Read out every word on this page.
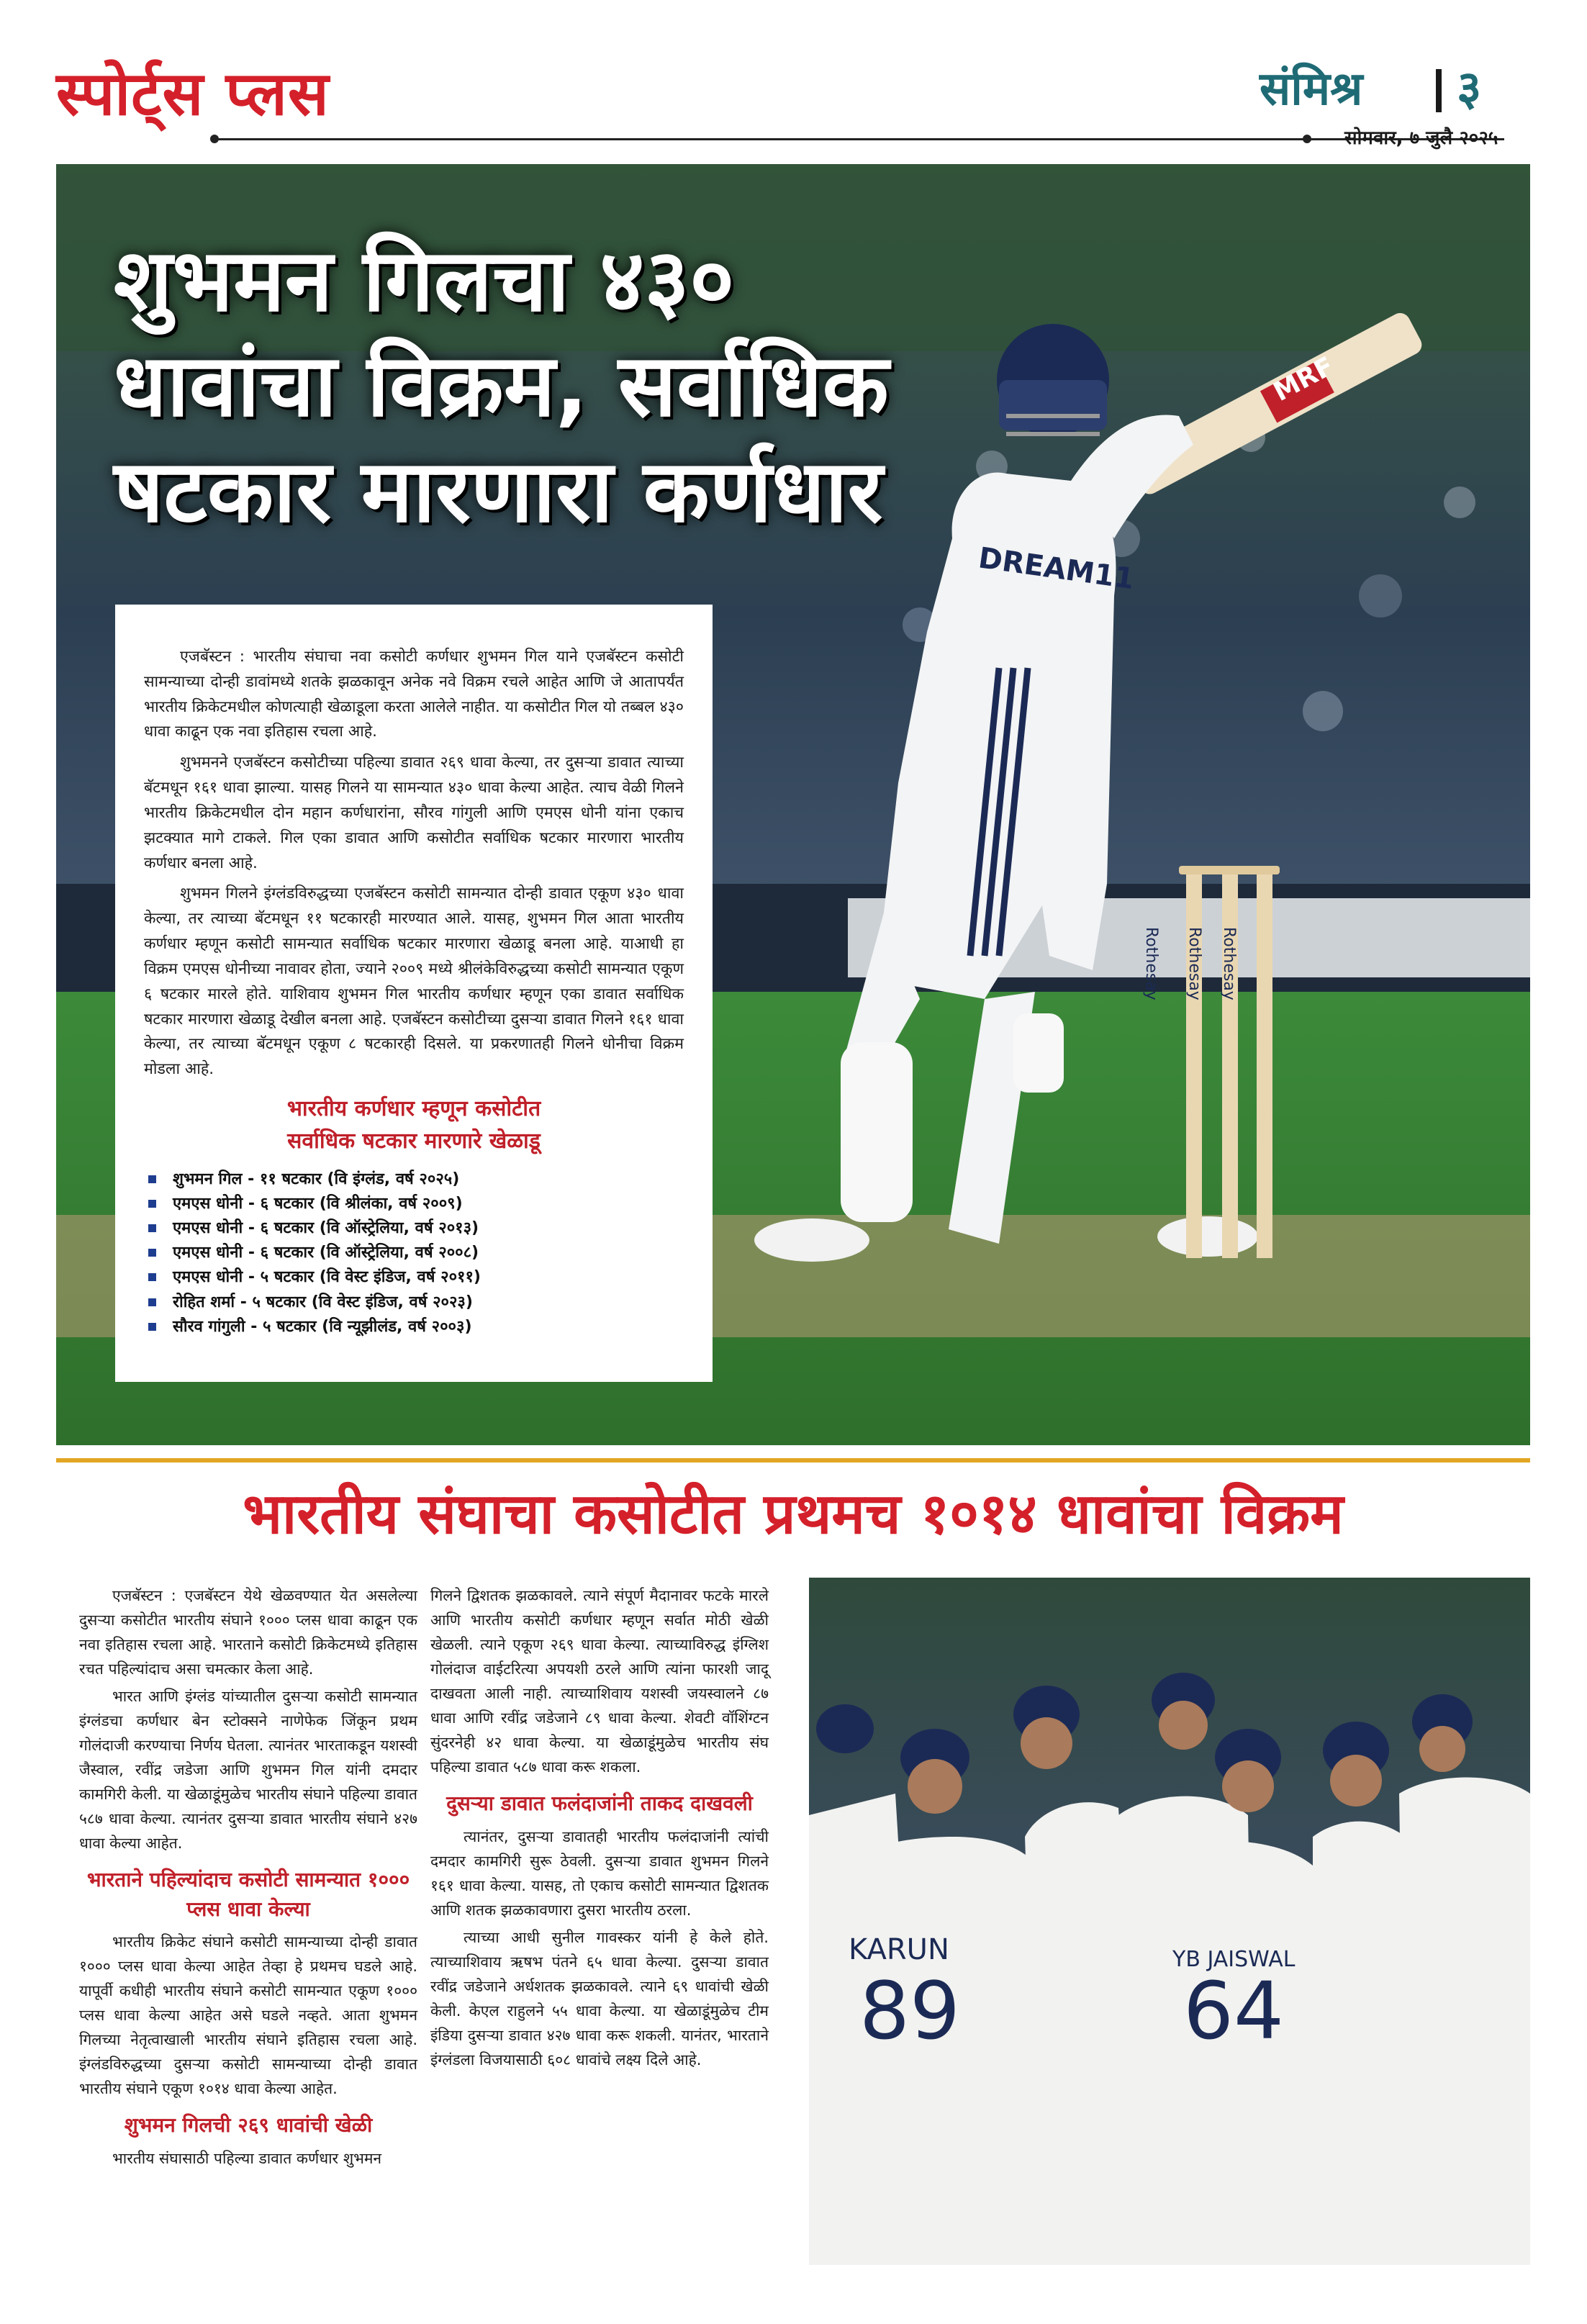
स्पोर्ट्स प्लस	संमिश्र ३
सोमवार, ७ जुलै २०२५
Rothesay Rothesay Rothesay
DREAM11
MRF
शुभमन गिलचा ४३०
धावांचा विक्रम, सर्वाधिक
षटकार मारणारा कर्णधार

एजबॅस्टन : भारतीय संघाचा नवा कसोटी कर्णधार शुभमन गिल याने एजबॅस्टन कसोटी सामन्याच्या दोन्ही डावांमध्ये शतके झळकावून अनेक नवे विक्रम रचले आहेत आणि जे आतापर्यंत भारतीय क्रिकेटमधील कोणत्याही खेळाडूला करता आलेले नाहीत. या कसोटीत गिल यो तब्बल ४३० धावा काढून एक नवा इतिहास रचला आहे.

शुभमनने एजबॅस्टन कसोटीच्या पहिल्या डावात २६९ धावा केल्या, तर दुसऱ्या डावात त्याच्या बॅटमधून १६१ धावा झाल्या. यासह गिलने या सामन्यात ४३० धावा केल्या आहेत. त्याच वेळी गिलने भारतीय क्रिकेटमधील दोन महान कर्णधारांना, सौरव गांगुली आणि एमएस धोनी यांना एकाच झटक्यात मागे टाकले. गिल एका डावात आणि कसोटीत सर्वाधिक षटकार मारणारा भारतीय कर्णधार बनला आहे.

शुभमन गिलने इंग्लंडविरुद्धच्या एजबॅस्टन कसोटी सामन्यात दोन्ही डावात एकूण ४३० धावा केल्या, तर त्याच्या बॅटमधून ११ षटकारही मारण्यात आले. यासह, शुभमन गिल आता भारतीय कर्णधार म्हणून कसोटी सामन्यात सर्वाधिक षटकार मारणारा खेळाडू बनला आहे. याआधी हा विक्रम एमएस धोनीच्या नावावर होता, ज्याने २००९ मध्ये श्रीलंकेविरुद्धच्या कसोटी सामन्यात एकूण ६ षटकार मारले होते. याशिवाय शुभमन गिल भारतीय कर्णधार म्हणून एका डावात सर्वाधिक षटकार मारणारा खेळाडू देखील बनला आहे. एजबॅस्टन कसोटीच्या दुसऱ्या डावात गिलने १६१ धावा केल्या, तर त्याच्या बॅटमधून एकूण ८ षटकारही दिसले. या प्रकरणातही गिलने धोनीचा विक्रम मोडला आहे.

भारतीय कर्णधार म्हणून कसोटीत
सर्वाधिक षटकार मारणारे खेळाडू
शुभमन गिल - ११ षटकार (वि इंग्लंड, वर्ष २०२५)
एमएस धोनी - ६ षटकार (वि श्रीलंका, वर्ष २००९)
एमएस धोनी - ६ षटकार (वि ऑस्ट्रेलिया, वर्ष २०१३)
एमएस धोनी - ६ षटकार (वि ऑस्ट्रेलिया, वर्ष २००८)
एमएस धोनी - ५ षटकार (वि वेस्ट इंडिज, वर्ष २०११)
रोहित शर्मा - ५ षटकार (वि वेस्ट इंडिज, वर्ष २०२३)
सौरव गांगुली - ५ षटकार (वि न्यूझीलंड, वर्ष २००३)
भारतीय संघाचा कसोटीत प्रथमच १०१४ धावांचा विक्रम

एजबॅस्टन : एजबॅस्टन येथे खेळवण्यात येत असलेल्या दुसऱ्या कसोटीत भारतीय संघाने १००० प्लस धावा काढून एक नवा इतिहास रचला आहे. भारताने कसोटी क्रिकेटमध्ये इतिहास रचत पहिल्यांदाच असा चमत्कार केला आहे.

भारत आणि इंग्लंड यांच्यातील दुसऱ्या कसोटी सामन्यात इंग्लंडचा कर्णधार बेन स्टोक्सने नाणेफेक जिंकून प्रथम गोलंदाजी करण्याचा निर्णय घेतला. त्यानंतर भारताकडून यशस्वी जैस्वाल, रवींद्र जडेजा आणि शुभमन गिल यांनी दमदार कामगिरी केली. या खेळाडूंमुळेच भारतीय संघाने पहिल्या डावात ५८७ धावा केल्या. त्यानंतर दुसऱ्या डावात भारतीय संघाने ४२७ धावा केल्या आहेत.

भारताने पहिल्यांदाच कसोटी सामन्यात १००० प्लस धावा केल्या

भारतीय क्रिकेट संघाने कसोटी सामन्याच्या दोन्ही डावात १००० प्लस धावा केल्या आहेत तेव्हा हे प्रथमच घडले आहे. यापूर्वी कधीही भारतीय संघाने कसोटी सामन्यात एकूण १००० प्लस धावा केल्या आहेत असे घडले नव्हते. आता शुभमन गिलच्या नेतृत्वाखाली भारतीय संघाने इतिहास रचला आहे. इंग्लंडविरुद्धच्या दुसऱ्या कसोटी सामन्याच्या दोन्ही डावात भारतीय संघाने एकूण १०१४ धावा केल्या आहेत.

शुभमन गिलची २६९ धावांची खेळी

भारतीय संघासाठी पहिल्या डावात कर्णधार शुभमन

गिलने द्विशतक झळकावले. त्याने संपूर्ण मैदानावर फटके मारले आणि भारतीय कसोटी कर्णधार म्हणून सर्वात मोठी खेळी खेळली. त्याने एकूण २६९ धावा केल्या. त्याच्याविरुद्ध इंग्लिश गोलंदाज वाईटरित्या अपयशी ठरले आणि त्यांना फारशी जादू दाखवता आली नाही. त्याच्याशिवाय यशस्वी जयस्वालने ८७ धावा आणि रवींद्र जडेजाने ८९ धावा केल्या. शेवटी वॉशिंग्टन सुंदरनेही ४२ धावा केल्या. या खेळाडूंमुळेच भारतीय संघ पहिल्या डावात ५८७ धावा करू शकला.

दुसऱ्या डावात फलंदाजांनी ताकद दाखवली

त्यानंतर, दुसऱ्या डावातही भारतीय फलंदाजांनी त्यांची दमदार कामगिरी सुरू ठेवली. दुसऱ्या डावात शुभमन गिलने १६१ धावा केल्या. यासह, तो एकाच कसोटी सामन्यात द्विशतक आणि शतक झळकावणारा दुसरा भारतीय ठरला.

त्याच्या आधी सुनील गावस्कर यांनी हे केले होते. त्याच्याशिवाय ऋषभ पंतने ६५ धावा केल्या. दुसऱ्या डावात रवींद्र जडेजाने अर्धशतक झळकावले. त्याने ६९ धावांची खेळी केली. केएल राहुलने ५५ धावा केल्या. या खेळाडूंमुळेच टीम इंडिया दुसऱ्या डावात ४२७ धावा करू शकली. यानंतर, भारताने इंग्लंडला विजयासाठी ६०८ धावांचे लक्ष्य दिले आहे.

KARUN
89
YB JAISWAL
64
